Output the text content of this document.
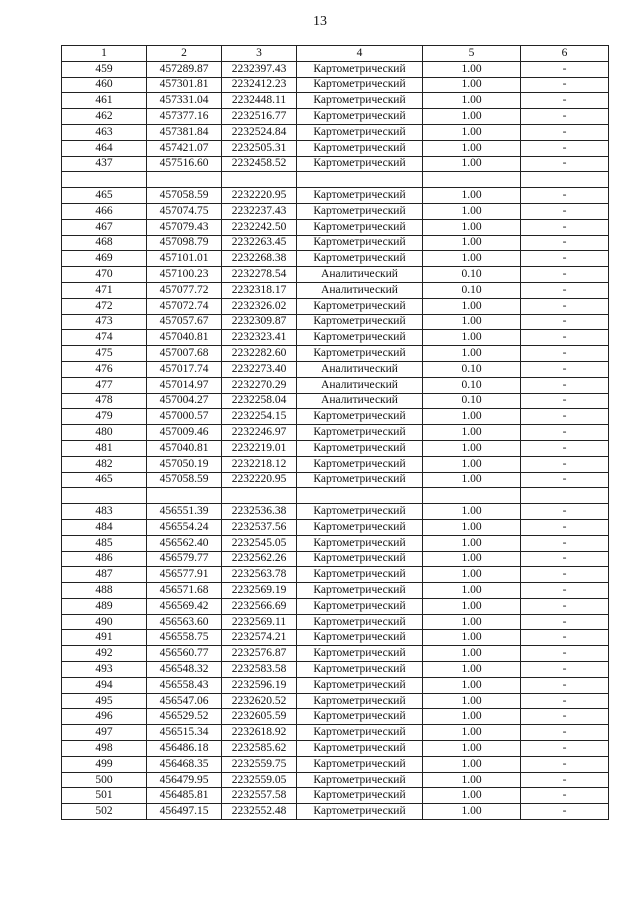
13
1	2	3	4	5	6
459	457289.87	2232397.43	Картометрический	1.00	-
460	457301.81	2232412.23	Картометрический	1.00	-
461	457331.04	2232448.11	Картометрический	1.00	-
462	457377.16	2232516.77	Картометрический	1.00	-
463	457381.84	2232524.84	Картометрический	1.00	-
464	457421.07	2232505.31	Картометрический	1.00	-
437	457516.60	2232458.52	Картометрический	1.00	-

465	457058.59	2232220.95	Картометрический	1.00	-
466	457074.75	2232237.43	Картометрический	1.00	-
467	457079.43	2232242.50	Картометрический	1.00	-
468	457098.79	2232263.45	Картометрический	1.00	-
469	457101.01	2232268.38	Картометрический	1.00	-
470	457100.23	2232278.54	Аналитический	0.10	-
471	457077.72	2232318.17	Аналитический	0.10	-
472	457072.74	2232326.02	Картометрический	1.00	-
473	457057.67	2232309.87	Картометрический	1.00	-
474	457040.81	2232323.41	Картометрический	1.00	-
475	457007.68	2232282.60	Картометрический	1.00	-
476	457017.74	2232273.40	Аналитический	0.10	-
477	457014.97	2232270.29	Аналитический	0.10	-
478	457004.27	2232258.04	Аналитический	0.10	-
479	457000.57	2232254.15	Картометрический	1.00	-
480	457009.46	2232246.97	Картометрический	1.00	-
481	457040.81	2232219.01	Картометрический	1.00	-
482	457050.19	2232218.12	Картометрический	1.00	-
465	457058.59	2232220.95	Картометрический	1.00	-

483	456551.39	2232536.38	Картометрический	1.00	-
484	456554.24	2232537.56	Картометрический	1.00	-
485	456562.40	2232545.05	Картометрический	1.00	-
486	456579.77	2232562.26	Картометрический	1.00	-
487	456577.91	2232563.78	Картометрический	1.00	-
488	456571.68	2232569.19	Картометрический	1.00	-
489	456569.42	2232566.69	Картометрический	1.00	-
490	456563.60	2232569.11	Картометрический	1.00	-
491	456558.75	2232574.21	Картометрический	1.00	-
492	456560.77	2232576.87	Картометрический	1.00	-
493	456548.32	2232583.58	Картометрический	1.00	-
494	456558.43	2232596.19	Картометрический	1.00	-
495	456547.06	2232620.52	Картометрический	1.00	-
496	456529.52	2232605.59	Картометрический	1.00	-
497	456515.34	2232618.92	Картометрический	1.00	-
498	456486.18	2232585.62	Картометрический	1.00	-
499	456468.35	2232559.75	Картометрический	1.00	-
500	456479.95	2232559.05	Картометрический	1.00	-
501	456485.81	2232557.58	Картометрический	1.00	-
502	456497.15	2232552.48	Картометрический	1.00	-
